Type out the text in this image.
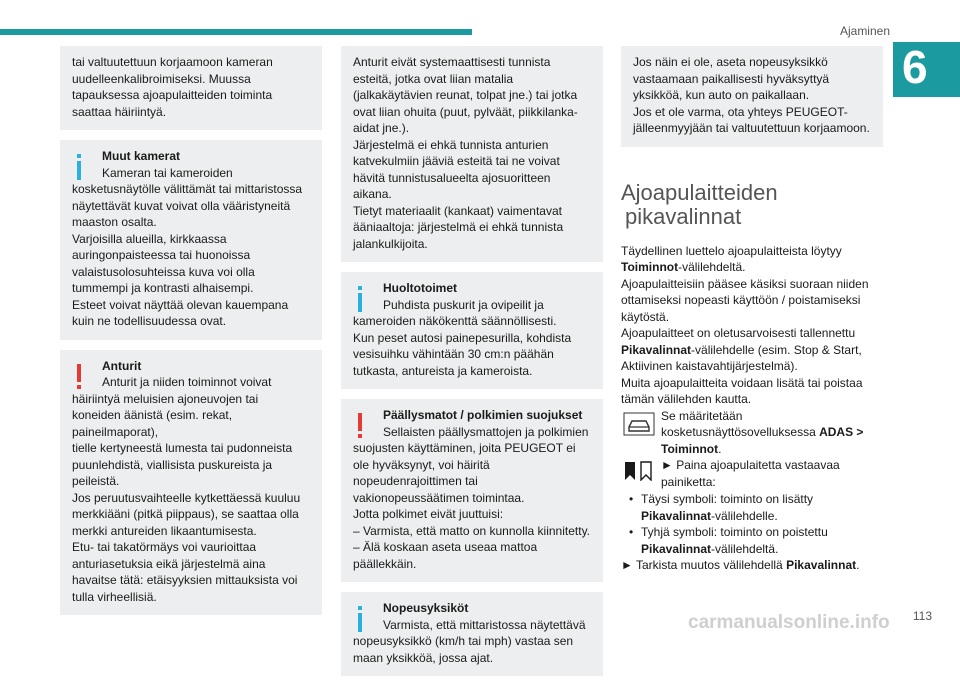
Ajaminen
6

tai valtuutettuun korjaamoon kameran uudelleenkalibroimiseksi. Muussa tapauksessa ajoapulaitteiden toiminta saattaa häiriintyä.

Muut kamerat
Kameran tai kameroiden

kosketusnäytölle välittämät tai mittaristossa näytettävät kuvat voivat olla vääristyneitä maaston osalta.
Varjoisilla alueilla, kirkkaassa auringonpaisteessa tai huonoissa valaistusolosuhteissa kuva voi olla tummempi ja kontrasti alhaisempi.
Esteet voivat näyttää olevan kauempana kuin ne todellisuudessa ovat.

Anturit
Anturit ja niiden toiminnot voivat

häiriintyä meluisien ajoneuvojen tai koneiden äänistä (esim. rekat, paineilmaporat),
tielle kertyneestä lumesta tai pudonneista puunlehdistä, viallisista puskureista ja peileistä.
Jos peruutusvaihteelle kytkettäessä kuuluu merkkiääni (pitkä piippaus), se saattaa olla merkki antureiden likaantumisesta.
Etu- tai takatörmäys voi vaurioittaa anturiasetuksia eikä järjestelmä aina havaitse tätä: etäisyyksien mittauksista voi tulla virheellisiä.

Anturit eivät systemaattisesti tunnista esteitä, jotka ovat liian matalia (jalkakäytävien reunat, tolpat jne.) tai jotka ovat liian ohuita (puut, pylväät, piikkilanka-aidat jne.).
Järjestelmä ei ehkä tunnista anturien katvekulmiin jääviä esteitä tai ne voivat hävitä tunnistusalueelta ajosuoritteen aikana.
Tietyt materiaalit (kankaat) vaimentavat ääniaaltoja: järjestelmä ei ehkä tunnista jalankulkijoita.

Huoltotoimet
Puhdista puskurit ja ovipeilit ja

kameroiden näkökenttä säännöllisesti.
Kun peset autosi painepesurilla, kohdista vesisuihku vähintään 30 cm:n päähän tutkasta, antureista ja kameroista.

Päällysmatot / polkimien suojukset
Sellaisten päällysmattojen ja polkimien

suojusten käyttäminen, joita PEUGEOT ei ole hyväksynyt, voi häiritä nopeudenrajoittimen tai vakionopeussäätimen toimintaa.
Jotta polkimet eivät juuttuisi:
– Varmista, että matto on kunnolla kiinnitetty.
– Älä koskaan aseta useaa mattoa päällekkäin.

Nopeusyksiköt
Varmista, että mittaristossa näytettävä

nopeusyksikkö (km/h tai mph) vastaa sen maan yksikköä, jossa ajat.

Jos näin ei ole, aseta nopeusyksikkö vastaamaan paikallisesti hyväksyttyä yksikköä, kun auto on paikallaan.
Jos et ole varma, ota yhteys PEUGEOT-jälleenmyyjään tai valtuutettuun korjaamoon.

Ajoapulaitteiden
pikavalinnat

Täydellinen luettelo ajoapulaitteista löytyy Toiminnot-välilehdeltä.

Ajoapulaitteisiin pääsee käsiksi suoraan niiden ottamiseksi nopeasti käyttöön / poistamiseksi käytöstä.

Ajoapulaitteet on oletusarvoisesti tallennettu Pikavalinnat-välilehdelle (esim. Stop & Start, Aktiivinen kaistavahtijärjestelmä).

Muita ajoapulaitteita voidaan lisätä tai poistaa tämän välilehden kautta.

Se määritetään kosketusnäyttösovelluksessa ADAS > Toiminnot.
► Paina ajoapulaitetta vastaavaa painiketta:
• Täysi symboli: toiminto on lisätty Pikavalinnat-välilehdelle.
• Tyhjä symboli: toiminto on poistettu Pikavalinnat-välilehdeltä.

► Tarkista muutos välilehdellä Pikavalinnat.

carmanualsonline.info 113
